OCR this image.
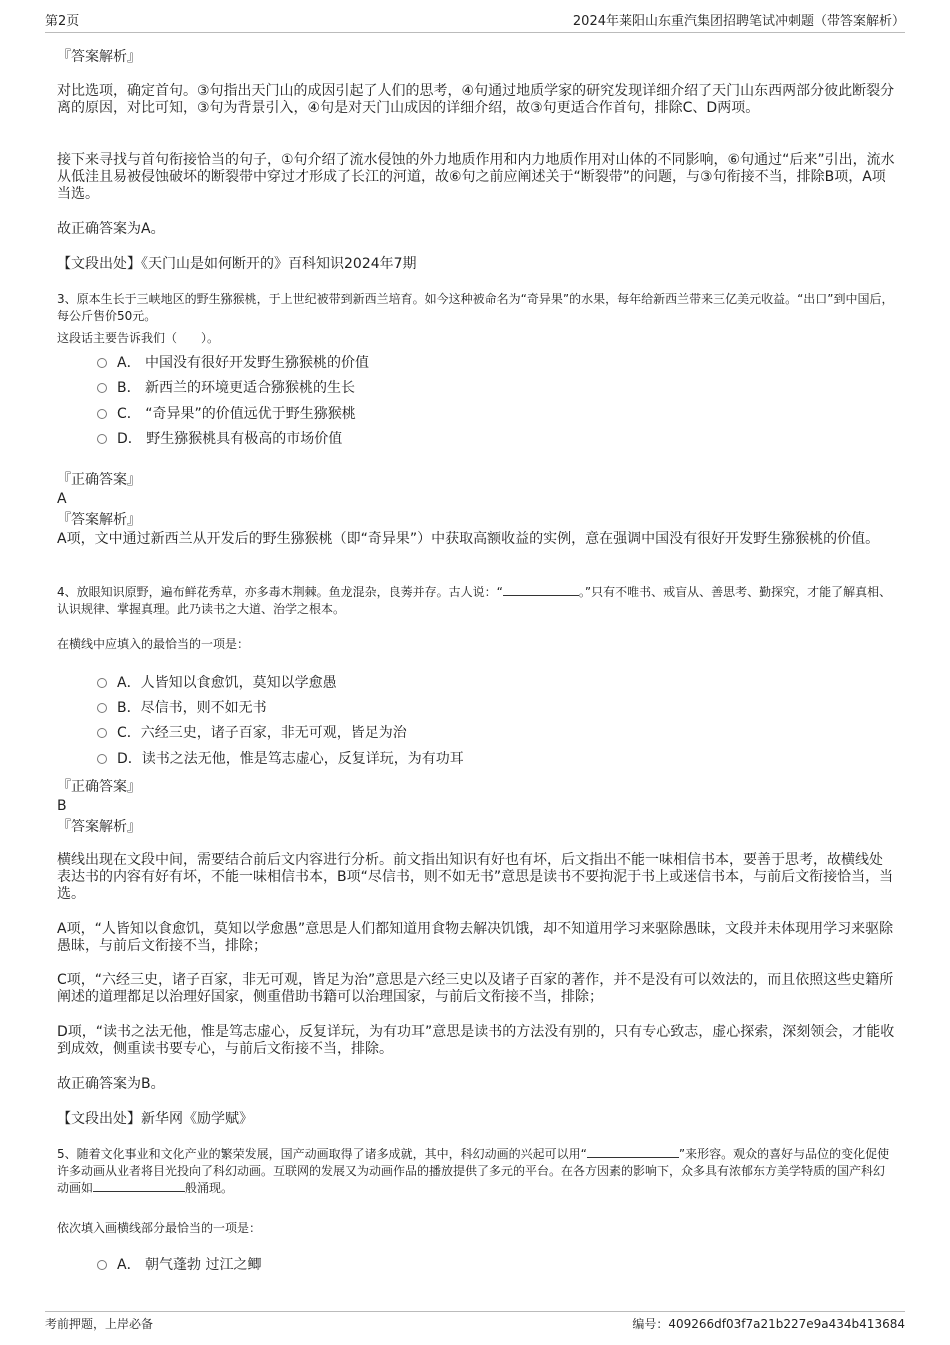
第2页	2024年莱阳山东重汽集团招聘笔试冲刺题（带答案解析）

『答案解析』

对比选项，确定首句。③句指出天门山的成因引起了人们的思考，④句通过地质学家的研究发现详细介绍了天门山东西两部分彼此断裂分离的原因，对比可知，③句为背景引入，④句是对天门山成因的详细介绍，故③句更适合作首句，排除C、D两项。

接下来寻找与首句衔接恰当的句子，①句介绍了流水侵蚀的外力地质作用和内力地质作用对山体的不同影响，⑥句通过“后来”引出，流水从低洼且易被侵蚀破坏的断裂带中穿过才形成了长江的河道，故⑥句之前应阐述关于“断裂带”的问题，与③句衔接不当，排除B项，A项当选。

故正确答案为A。

【文段出处】《天门山是如何断开的》百科知识2024年7期

3、原本生长于三峡地区的野生猕猴桃，于上世纪被带到新西兰培育。如今这种被命名为“奇异果”的水果，每年给新西兰带来三亿美元收益。“出口”到中国后，每公斤售价50元。

这段话主要告诉我们（　　）。

A． 中国没有很好开发野生猕猴桃的价值
B． 新西兰的环境更适合猕猴桃的生长
C． “奇异果”的价值远优于野生猕猴桃
D． 野生猕猴桃具有极高的市场价值

『正确答案』

A

『答案解析』

A项，文中通过新西兰从开发后的野生猕猴桃（即“奇异果”）中获取高额收益的实例，意在强调中国没有很好开发野生猕猴桃的价值。

4、放眼知识原野，遍布鲜花秀草，亦多毒木荆棘。鱼龙混杂，良莠并存。古人说：“	。”只有不唯书、戒盲从、善思考、勤探究，才能了解真相、认识规律、掌握真理。此乃读书之大道、治学之根本。

在横线中应填入的最恰当的一项是：

A．人皆知以食愈饥，莫知以学愈愚
B．尽信书，则不如无书
C．六经三史，诸子百家，非无可观，皆足为治
D．读书之法无他，惟是笃志虚心，反复详玩，为有功耳

『正确答案』

B

『答案解析』

横线出现在文段中间，需要结合前后文内容进行分析。前文指出知识有好也有坏，后文指出不能一味相信书本，要善于思考，故横线处表达书的内容有好有坏，不能一味相信书本，B项“尽信书，则不如无书”意思是读书不要拘泥于书上或迷信书本，与前后文衔接恰当，当选。

A项，“人皆知以食愈饥，莫知以学愈愚”意思是人们都知道用食物去解决饥饿，却不知道用学习来驱除愚昧，文段并未体现用学习来驱除愚昧，与前后文衔接不当，排除；

C项，“六经三史，诸子百家，非无可观，皆足为治”意思是六经三史以及诸子百家的著作，并不是没有可以效法的，而且依照这些史籍所阐述的道理都足以治理好国家，侧重借助书籍可以治理国家，与前后文衔接不当，排除；

D项，“读书之法无他，惟是笃志虚心，反复详玩，为有功耳”意思是读书的方法没有别的，只有专心致志，虚心探索，深刻领会，才能收到成效，侧重读书要专心，与前后文衔接不当，排除。

故正确答案为B。

【文段出处】新华网《励学赋》

5、随着文化事业和文化产业的繁荣发展，国产动画取得了诸多成就，其中，科幻动画的兴起可以用“	”来形容。观众的喜好与品位的变化促使许多动画从业者将目光投向了科幻动画。互联网的发展又为动画作品的播放提供了多元的平台。在各方因素的影响下，众多具有浓郁东方美学特质的国产科幻动画如	般涌现。

依次填入画横线部分最恰当的一项是：

A． 朝气蓬勃 过江之鲫
考前押题，上岸必备	编号：409266df03f7a21b227e9a434b413684
